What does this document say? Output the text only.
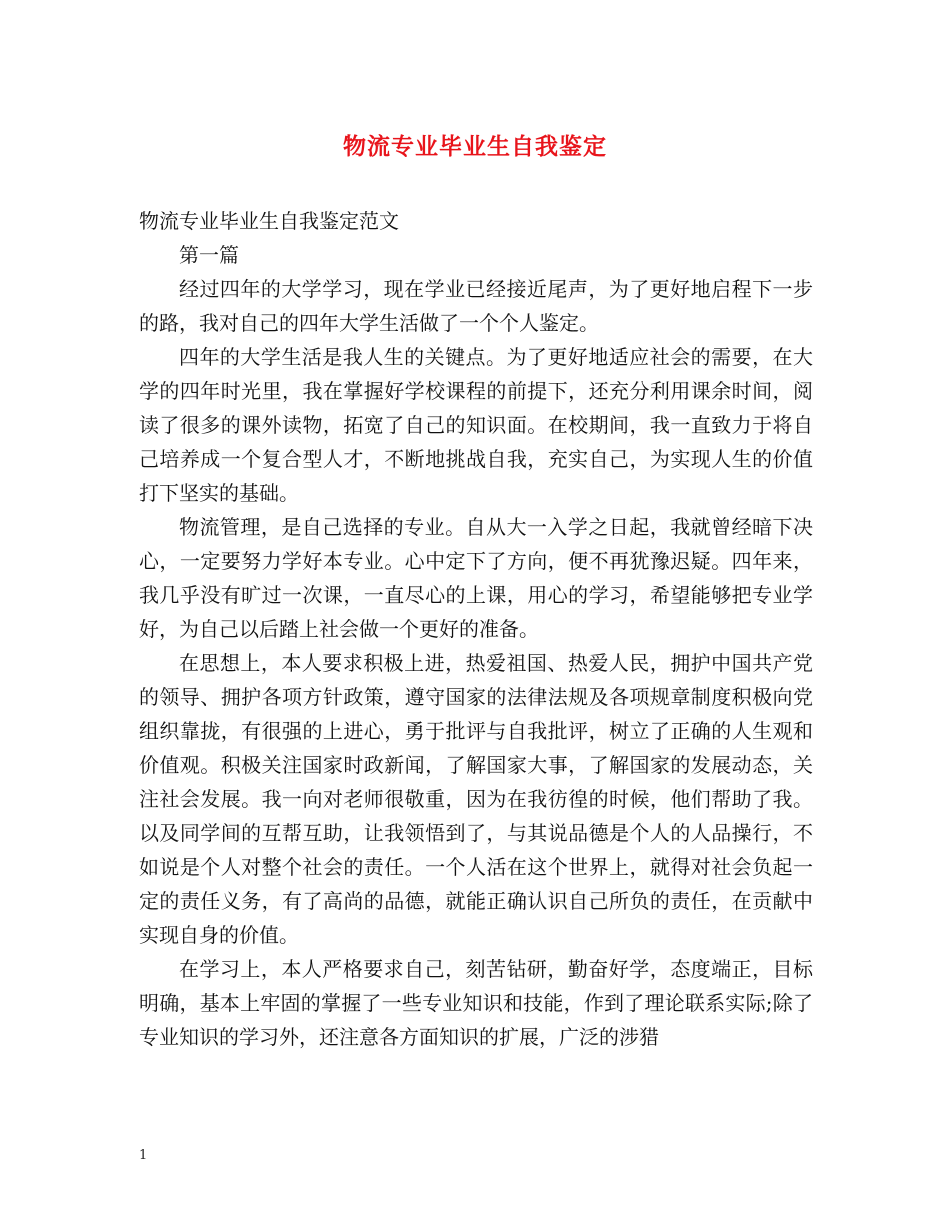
物流专业毕业生自我鉴定

物流专业毕业生自我鉴定范文

第一篇

经过四年的大学学习，现在学业已经接近尾声，为了更好地启程下一步的路，我对自己的四年大学生活做了一个个人鉴定。

四年的大学生活是我人生的关键点。为了更好地适应社会的需要，在大学的四年时光里，我在掌握好学校课程的前提下，还充分利用课余时间，阅读了很多的课外读物，拓宽了自己的知识面。在校期间，我一直致力于将自己培养成一个复合型人才，不断地挑战自我，充实自己，为实现人生的价值打下坚实的基础。

物流管理，是自己选择的专业。自从大一入学之日起，我就曾经暗下决心，一定要努力学好本专业。心中定下了方向，便不再犹豫迟疑。四年来，我几乎没有旷过一次课，一直尽心的上课，用心的学习，希望能够把专业学好，为自己以后踏上社会做一个更好的准备。

在思想上，本人要求积极上进，热爱祖国、热爱人民，拥护中国共产党的领导、拥护各项方针政策，遵守国家的法律法规及各项规章制度积极向党组织靠拢，有很强的上进心，勇于批评与自我批评，树立了正确的人生观和价值观。积极关注国家时政新闻，了解国家大事，了解国家的发展动态，关注社会发展。我一向对老师很敬重，因为在我彷徨的时候，他们帮助了我。以及同学间的互帮互助，让我领悟到了，与其说品德是个人的人品操行，不如说是个人对整个社会的责任。一个人活在这个世界上，就得对社会负起一定的责任义务，有了高尚的品德，就能正确认识自己所负的责任，在贡献中实现自身的价值。

在学习上，本人严格要求自己，刻苦钻研，勤奋好学，态度端正，目标明确，基本上牢固的掌握了一些专业知识和技能，作到了理论联系实际;除了专业知识的学习外，还注意各方面知识的扩展，广泛的涉猎

1
